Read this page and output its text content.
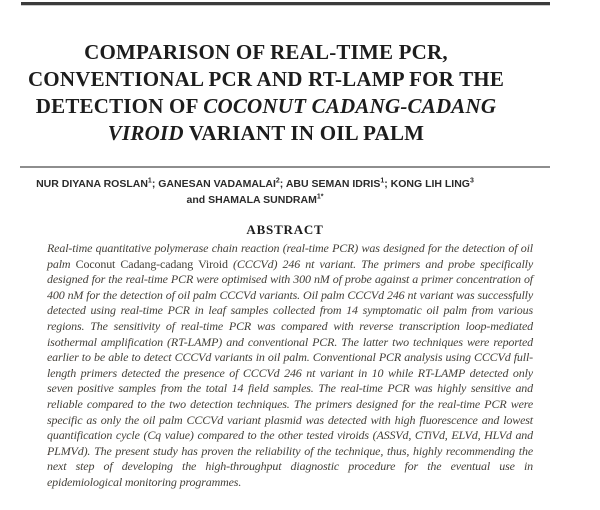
COMPARISON OF REAL-TIME PCR,
CONVENTIONAL PCR AND RT-LAMP FOR THE
DETECTION OF COCONUT CADANG-CADANG
VIROID VARIANT IN OIL PALM
NUR DIYANA ROSLAN$^1$; GANESAN VADAMALAI$^2$; ABU SEMAN IDRIS$^1$; KONG LIH LING$^3$
and SHAMALA $SUNDRAM^{1*}$
ABSTRACT

Real-time quantitative polymerase chain reaction (real-time PCR) was designed for the detection of oil palm Coconut Cadang-cadang Viroid (CCCVd) 246 nt variant. The primers and probe specifically designed for the real-time PCR were optimised with 300 nM of probe against a primer concentration of 400 nM for the detection of oil palm CCCVd variants. Oil palm CCCVd 246 nt variant was successfully detected using real-time PCR in leaf samples collected from 14 symptomatic oil palm from various regions. The sensitivity of real-time PCR was compared with reverse transcription loop-mediated isothermal amplification (RT-LAMP) and conventional PCR. The latter two techniques were reported earlier to be able to detect CCCVd variants in oil palm. Conventional PCR analysis using CCCVd full-length primers detected the presence of CCCVd 246 nt variant in 10 while RT-LAMP detected only seven positive samples from the total 14 field samples. The real-time PCR was highly sensitive and reliable compared to the two detection techniques. The primers designed for the real-time PCR were specific as only the oil palm CCCVd variant plasmid was detected with high fluorescence and lowest quantification cycle (Cq value) compared to the other tested viroids (ASSVd, CTiVd, ELVd, HLVd and PLMVd). The present study has proven the reliability of the technique, thus, highly recommending the next step of developing the high-throughput diagnostic procedure for the eventual use in epidemiological monitoring programmes.
